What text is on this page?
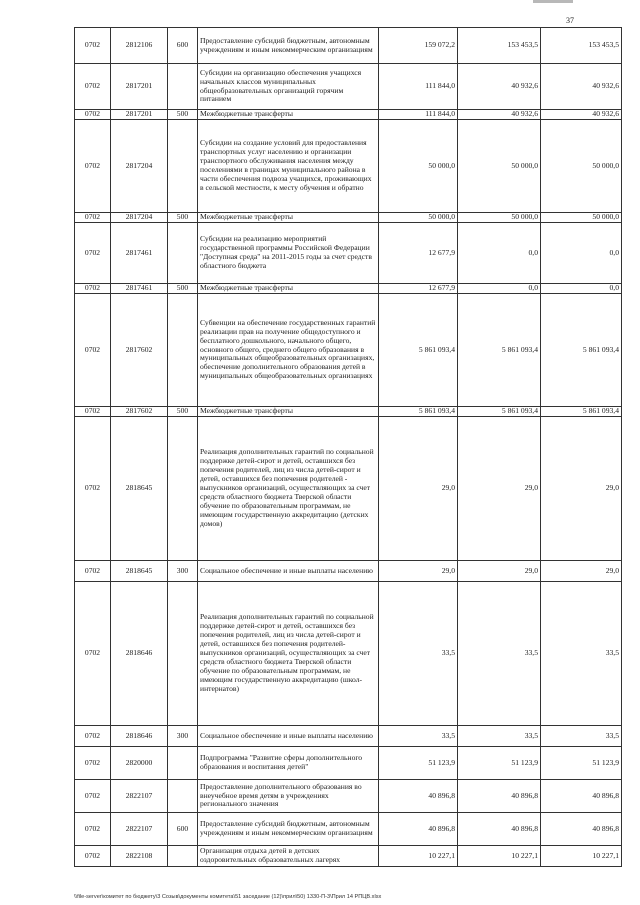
37
0702	2812106	600	Предоставление субсидий бюджетным, автономным учреждениям и иным некоммерческим организациям	159 072,2	153 453,5	153 453,5
0702	2817201		Субсидии на организацию обеспечения учащихся начальных классов муниципальных общеобразовательных организаций горячим питанием	111 844,0	40 932,6	40 932,6
0702	2817201	500	Межбюджетные трансферты	111 844,0	40 932,6	40 932,6
0702	2817204		Субсидии на создание условий для предоставления транспортных услуг населению и организации транспортного обслуживания населения между поселениями в границах муниципального района в части обеспечения подвоза учащихся, проживающих в сельской местности, к месту обучения и обратно	50 000,0	50 000,0	50 000,0
0702	2817204	500	Межбюджетные трансферты	50 000,0	50 000,0	50 000,0
0702	2817461		Субсидии на реализацию мероприятий государственной программы Российской Федерации "Доступная среда" на 2011-2015 годы за счет средств областного бюджета	12 677,9	0,0	0,0
0702	2817461	500	Межбюджетные трансферты	12 677,9	0,0	0,0
0702	2817602		Субвенции на обеспечение государственных гарантий реализации прав на получение общедоступного и бесплатного дошкольного, начального общего, основного общего, среднего общего образования в муниципальных общеобразовательных организациях, обеспечение дополнительного образования детей в муниципальных общеобразовательных организациях	5 861 093,4	5 861 093,4	5 861 093,4
0702	2817602	500	Межбюджетные трансферты	5 861 093,4	5 861 093,4	5 861 093,4
0702	2818645		Реализация дополнительных гарантий по социальной поддержке детей-сирот и детей, оставшихся без попечения родителей, лиц из числа детей-сирот и детей, оставшихся без попечения родителей - выпускников организаций, осуществляющих за счет средств областного бюджета Тверской области обучение по образовательным программам, не имеющим государственную аккредитацию (детских домов)	29,0	29,0	29,0
0702	2818645	300	Социальное обеспечение и иные выплаты населению	29,0	29,0	29,0
0702	2818646		Реализация дополнительных гарантий по социальной поддержке детей-сирот и детей, оставшихся без попечения родителей, лиц из числа детей-сирот и детей, оставшихся без попечения родителей- выпускников организаций, осуществляющих за счет средств областного бюджета Тверской области обучение по образовательным программам, не имеющим государственную аккредитацию (школ-интернатов)	33,5	33,5	33,5
0702	2818646	300	Социальное обеспечение и иные выплаты населению	33,5	33,5	33,5
0702	2820000		Подпрограмма "Развитие сферы дополнительного образования и воспитания детей"	51 123,9	51 123,9	51 123,9
0702	2822107		Предоставление дополнительного образования во внеучебное время детям в учреждениях регионального значения	40 896,8	40 896,8	40 896,8
0702	2822107	600	Предоставление субсидий бюджетным, автономным учреждениям и иным некоммерческим организациям	40 896,8	40 896,8	40 896,8
0702	2822108		Организация отдыха детей в детских оздоровительных образовательных лагерях	10 227,1	10 227,1	10 227,1
\\file-server\комитет по бюджету\3 Созыв\документы комитета\51 заседание (12)\прил\50) 1330-П-3\Прил 14 РПЦВ.xlsx
